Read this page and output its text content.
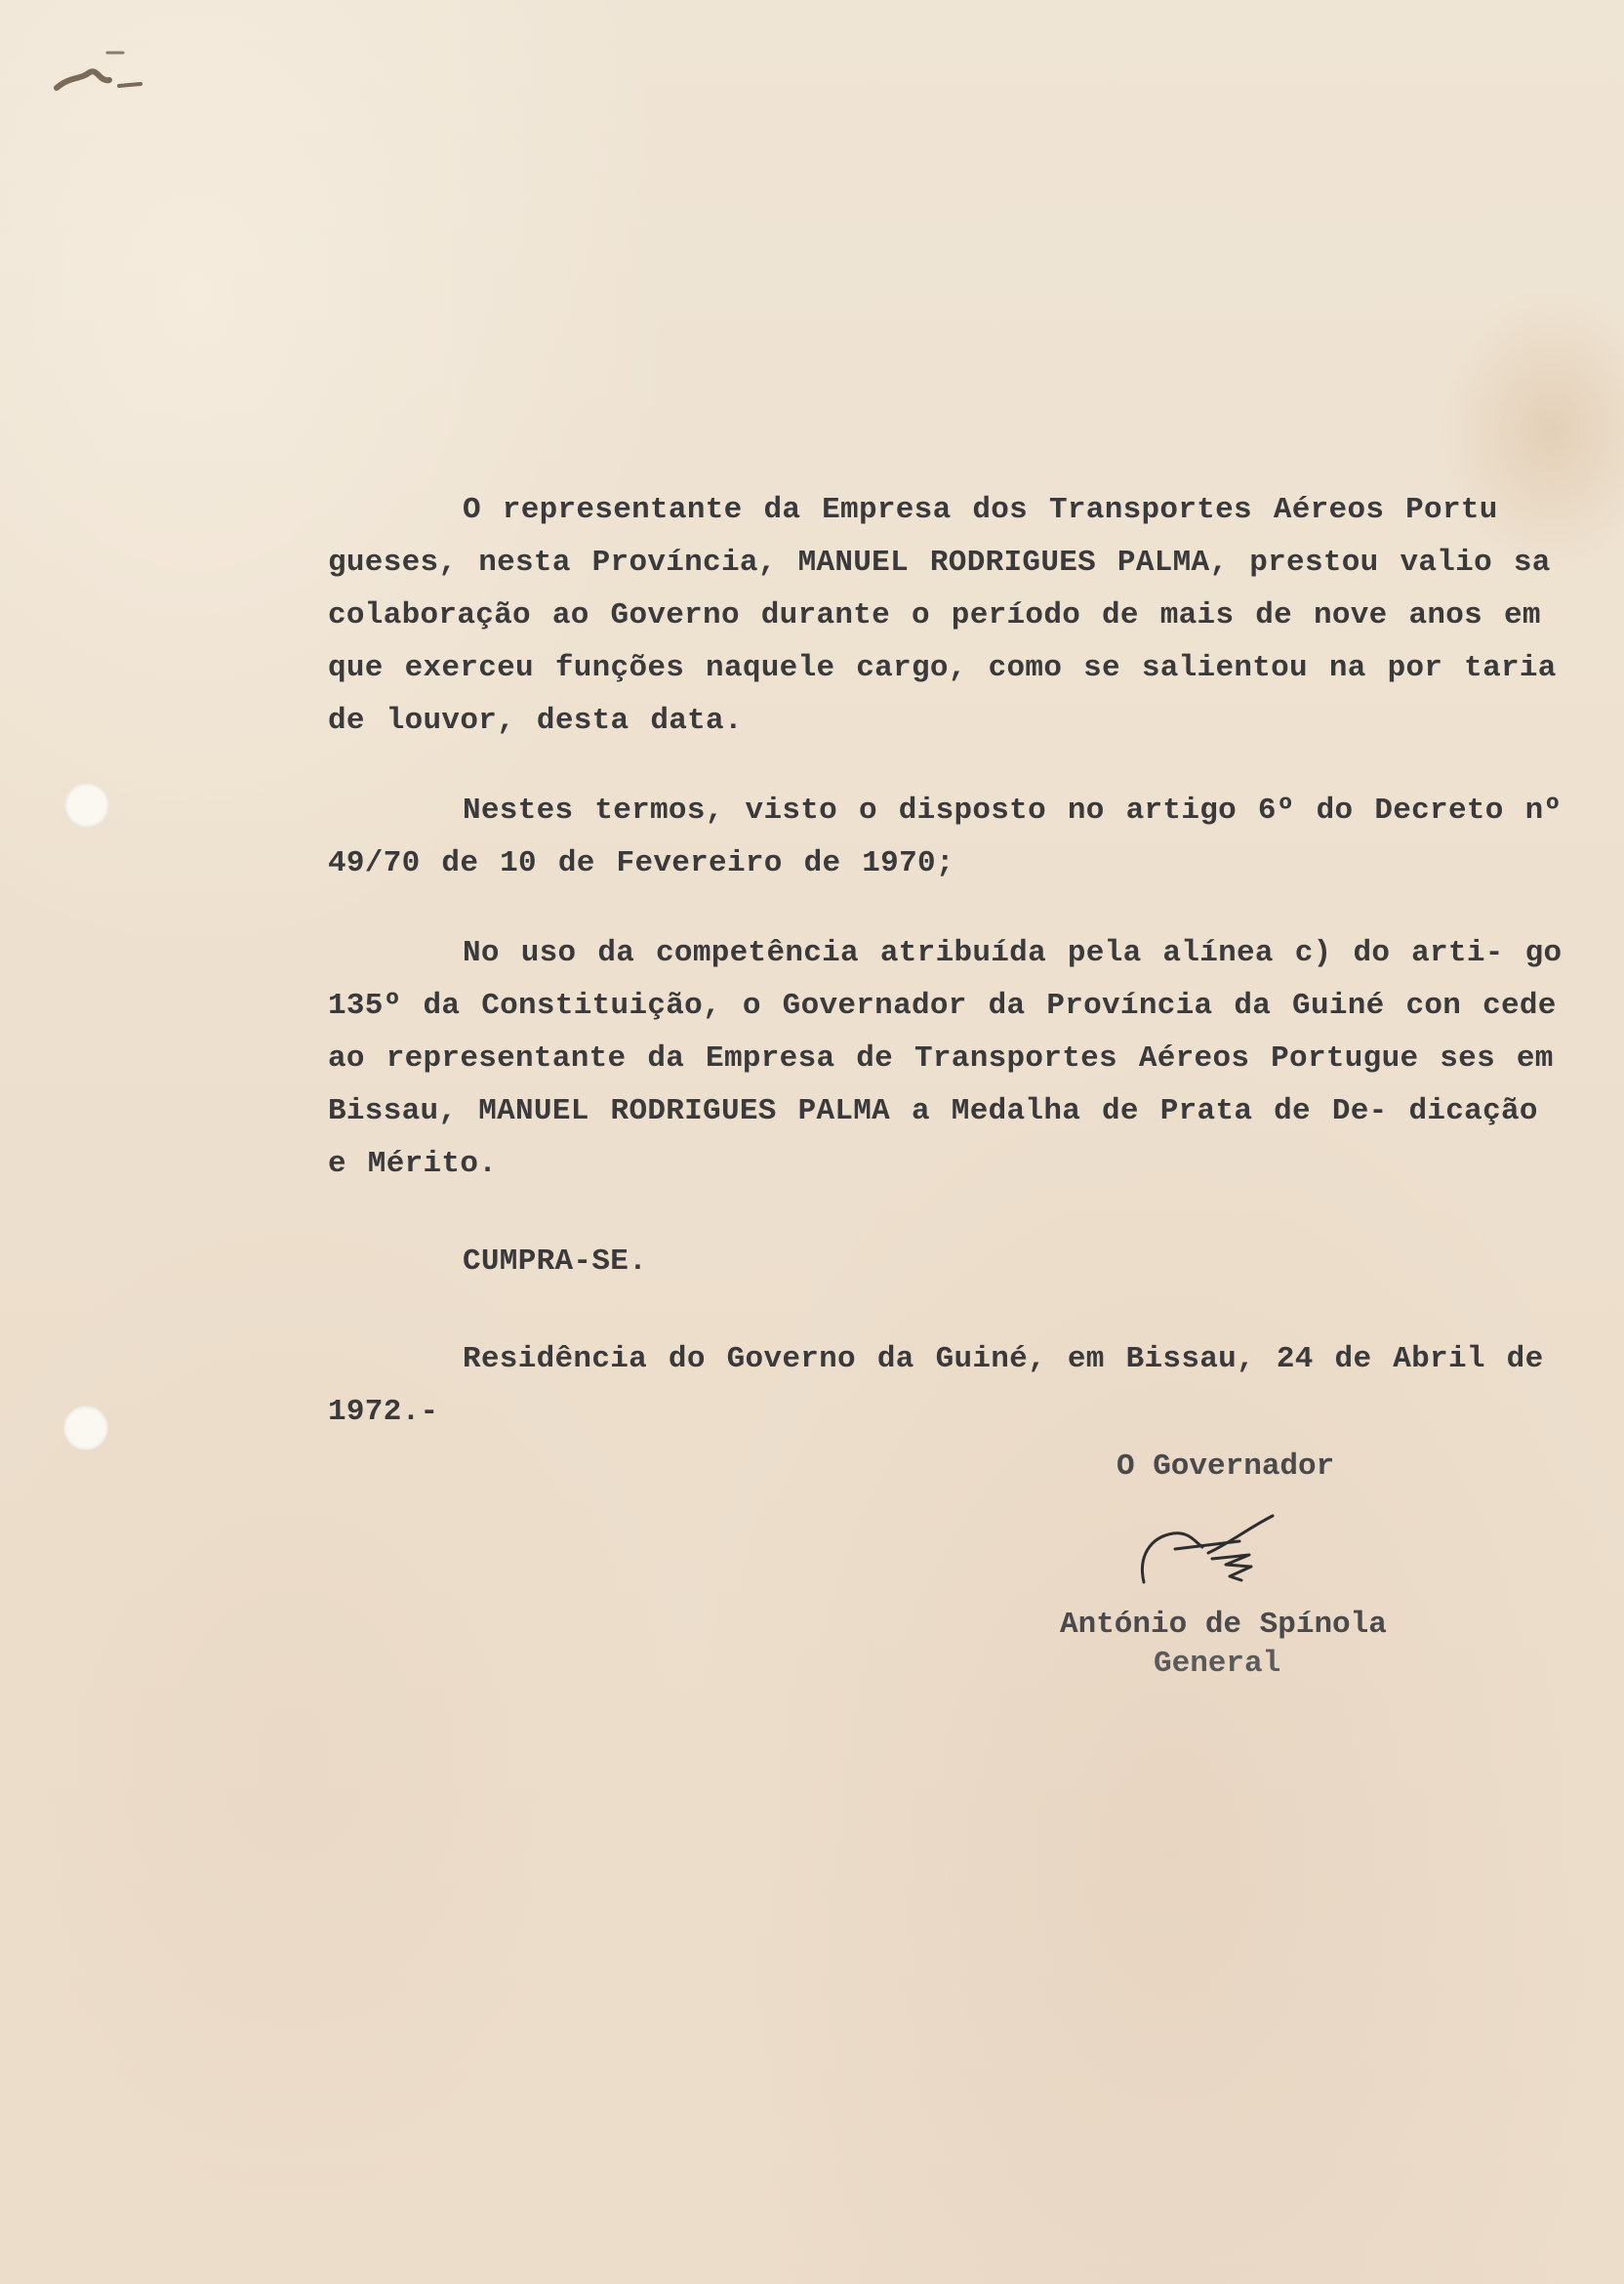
O representante da Empresa dos Transportes Aéreos Portu gueses, nesta Província, MANUEL RODRIGUES PALMA, prestou valio sa colaboração ao Governo durante o período de mais de nove anos em que exerceu funções naquele cargo, como se salientou na por taria de louvor, desta data.

Nestes termos, visto o disposto no artigo 6º do Decreto nº 49/70 de 10 de Fevereiro de 1970;

No uso da competência atribuída pela alínea c) do arti- go 135º da Constituição, o Governador da Província da Guiné con cede ao representante da Empresa de Transportes Aéreos Portugue ses em Bissau, MANUEL RODRIGUES PALMA a Medalha de Prata de De- dicação e Mérito.

CUMPRA-SE.

Residência do Governo da Guiné, em Bissau, 24 de Abril de 1972.-

O Governador
António de Spínola
General
